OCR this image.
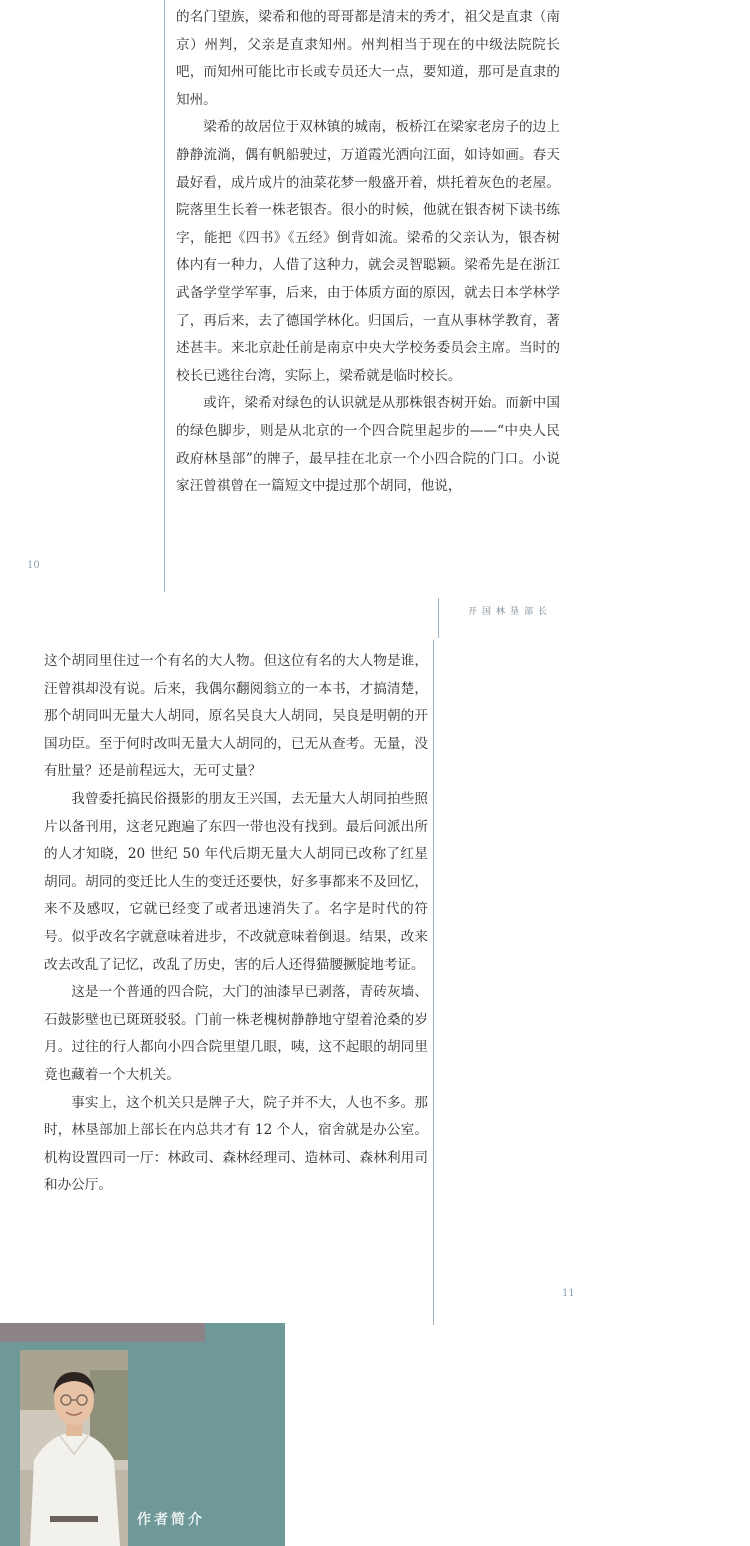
的名门望族，梁希和他的哥哥都是清末的秀才，祖父是直隶（南京）州判，父亲是直隶知州。州判相当于现在的中级法院院长吧，而知州可能比市长或专员还大一点，要知道，那可是直隶的知州。

梁希的故居位于双林镇的城南，板桥江在梁家老房子的边上静静流淌，偶有帆船驶过，万道霞光洒向江面，如诗如画。春天最好看，成片成片的油菜花梦一般盛开着，烘托着灰色的老屋。院落里生长着一株老银杏。很小的时候，他就在银杏树下读书练字，能把《四书》《五经》倒背如流。梁希的父亲认为，银杏树体内有一种力，人借了这种力，就会灵智聪颖。梁希先是在浙江武备学堂学军事，后来，由于体质方面的原因，就去日本学林学了，再后来，去了德国学林化。归国后，一直从事林学教育，著述甚丰。来北京赴任前是南京中央大学校务委员会主席。当时的校长已逃往台湾，实际上，梁希就是临时校长。

或许，梁希对绿色的认识就是从那株银杏树开始。而新中国的绿色脚步，则是从北京的一个四合院里起步的——“中央人民政府林垦部”的牌子，最早挂在北京一个小四合院的门口。小说家汪曾祺曾在一篇短文中提过那个胡同，他说，

10
开国林垦部长

这个胡同里住过一个有名的大人物。但这位有名的大人物是谁，汪曾祺却没有说。后来，我偶尔翻阅翁立的一本书，才搞清楚，那个胡同叫无量大人胡同，原名吴良大人胡同，吴良是明朝的开国功臣。至于何时改叫无量大人胡同的，已无从查考。无量，没有肚量？还是前程远大，无可丈量？

我曾委托搞民俗摄影的朋友王兴国，去无量大人胡同拍些照片以备刊用，这老兄跑遍了东四一带也没有找到。最后问派出所的人才知晓，20 世纪 50 年代后期无量大人胡同已改称了红星胡同。胡同的变迁比人生的变迁还要快，好多事都来不及回忆，来不及感叹，它就已经变了或者迅速消失了。名字是时代的符号。似乎改名字就意味着进步，不改就意味着倒退。结果，改来改去改乱了记忆，改乱了历史，害的后人还得猫腰撅腚地考证。

这是一个普通的四合院，大门的油漆早已剥落，青砖灰墙、石鼓影壁也已斑斑驳驳。门前一株老槐树静静地守望着沧桑的岁月。过往的行人都向小四合院里望几眼，咦，这不起眼的胡同里竟也藏着一个大机关。

事实上，这个机关只是牌子大，院子并不大，人也不多。那时，林垦部加上部长在内总共才有 12 个人，宿舍就是办公室。机构设置四司一厅：林政司、森林经理司、造林司、森林利用司和办公厅。

11
作者简介
